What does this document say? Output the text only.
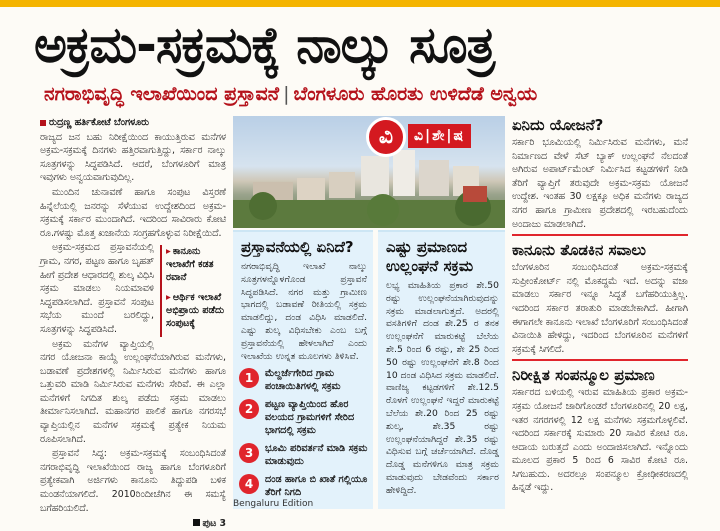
ಅಕ್ರಮ-ಸಕ್ರಮಕ್ಕೆ ನಾಲ್ಕು ಸೂತ್ರ
ನಗರಾಭಿವೃದ್ಧಿ ಇಲಾಖೆಯಿಂದ ಪ್ರಸ್ತಾವನೆ | ಬೆಂಗಳೂರು ಹೊರತು ಉಳಿದೆಡೆ ಅನ್ವಯ

ರುದ್ರಣ್ಣ ಹರ್ತಿಕೋಟೆ ಬೆಂಗಳೂರು

ರಾಜ್ಯದ ಜನ ಬಹು ನಿರೀಕ್ಷೆಯಿಂದ ಕಾಯುತ್ತಿರುವ ಮನೆಗಳ ಅಕ್ರಮ-ಸಕ್ರಮಕ್ಕೆ ದಿನಗಳು ಹತ್ತಿರವಾಗುತ್ತಿದ್ದು, ಸರ್ಕಾರ ನಾಲ್ಕು ಸೂತ್ರಗಳನ್ನು ಸಿದ್ಧಪಡಿಸಿದೆ. ಆದರೆ, ಬೆಂಗಳೂರಿಗೆ ಮಾತ್ರ ಇವುಗಳು ಅನ್ವಯವಾಗುವುದಿಲ್ಲ.

ಮುಂದಿನ ಚುನಾವಣೆ ಹಾಗೂ ಸಂಪುಟ ವಿಸ್ತರಣೆ ಹಿನ್ನೆಲೆಯಲ್ಲಿ ಜನರನ್ನು ಸೆಳೆಯುವ ಉದ್ದೇಶದಿಂದ ಅಕ್ರಮ-ಸಕ್ರಮಕ್ಕೆ ಸರ್ಕಾರ ಮುಂದಾಗಿದೆ. ಇದರಿಂದ ಸಾವಿರಾರು ಕೋಟಿ ರೂ.ಗಳಷ್ಟು ಮೊತ್ತ ಖಜಾನೆಯ ಸಂಗ್ರಹಗೊಳ್ಳುವ ನಿರೀಕ್ಷೆಯಿದೆ.

▸ ಕಾನೂನು ಇಲಾಖೆಗೆ ಕಡತ ರವಾನೆ
▸ ಆರ್ಥಿಕ ಇಲಾಖೆ ಅಭಿಪ್ರಾಯ ಪಡೆದು ಸಂಪುಟಕ್ಕೆ

ಅಕ್ರಮ-ಸಕ್ರಮದ ಪ್ರಸ್ತಾವನೆಯಲ್ಲಿ ಗ್ರಾಮ, ನಗರ, ಪಟ್ಟಣ ಹಾಗೂ ಬೃಹತ್ ಹೀಗೆ ಪ್ರದೇಶ ಆಧಾರದಲ್ಲಿ ಶುಲ್ಕ ವಿಧಿಸಿ ಸಕ್ರಮ ಮಾಡಲು ನಿಯಮಾವಳಿ ಸಿದ್ಧಪಡಿಸಲಾಗಿದೆ. ಪ್ರಸ್ತಾವನೆ ಸಂಪುಟ ಸಭೆಯ ಮುಂದೆ ಬರಲಿದ್ದು, ಸೂತ್ರಗಳನ್ನು ಸಿದ್ಧಪಡಿಸಿದೆ.

ಅಕ್ರಮ ಮನೆಗಳ ವ್ಯಾಪ್ತಿಯಲ್ಲಿ ನಗರ ಯೋಜನಾ ಕಾಯ್ದೆ ಉಲ್ಲಂಘನೆಯಾಗಿರುವ ಮನೆಗಳು, ಬಡಾವಣೆ ಪ್ರದೇಶಗಳಲ್ಲಿ ನಿರ್ಮಿಸಿರುವ ಮನೆಗಳು ಹಾಗೂ ಒತ್ತುವರಿ ಮಾಡಿ ನಿರ್ಮಿಸಿರುವ ಮನೆಗಳು ಸೇರಿವೆ. ಈ ಎಲ್ಲಾ ಮನೆಗಳಿಗೆ ನಿಗದಿತ ಶುಲ್ಕ ಪಡೆದು ಸಕ್ರಮ ಮಾಡಲು ತೀರ್ಮಾನಿಸಲಾಗಿದೆ. ಮಹಾನಗರ ಪಾಲಿಕೆ ಹಾಗೂ ನಗರಸಭೆ ವ್ಯಾಪ್ತಿಯಲ್ಲಿನ ಮನೆಗಳ ಸಕ್ರಮಕ್ಕೆ ಪ್ರತ್ಯೇಕ ನಿಯಮ ರೂಪಿಸಲಾಗಿದೆ.

ಪ್ರಸ್ತಾವನೆ ಸಿದ್ಧ: ಅಕ್ರಮ-ಸಕ್ರಮಕ್ಕೆ ಸಂಬಂಧಿಸಿದಂತೆ ನಗರಾಭಿವೃದ್ಧಿ ಇಲಾಖೆಯಿಂದ ರಾಜ್ಯ ಹಾಗೂ ಬೆಂಗಳೂರಿಗೆ ಪ್ರತ್ಯೇಕವಾಗಿ ಅರ್ಜಿಗಳು ಕಾನೂನು ತಿದ್ದುಪಡಿ ಬಳಿಕ ಮಂಡನೆಯಾಗಲಿದೆ. 2010ರಿಂದೀಚೆಗಿನ ಈ ಸಮಸ್ಯೆ ಬಗೆಹರಿಯಲಿದೆ.

ಪುಟ 3
ವಿ	ವಿ|ಶೇ|ಷ
ಪ್ರಸ್ತಾವನೆಯಲ್ಲಿ ಏನಿದೆ?
ನಗರಾಭಿವೃದ್ಧಿ ಇಲಾಖೆ ನಾಲ್ಕು ಸೂತ್ರಗಳನ್ನೊಳಗೊಂಡ ಪ್ರಸ್ತಾವನೆ ಸಿದ್ಧಪಡಿಸಿದೆ. ನಗರ ಮತ್ತು ಗ್ರಾಮೀಣ ಭಾಗದಲ್ಲಿ ಬಡಾವಣೆ ರೀತಿಯಲ್ಲಿ ಸಕ್ರಮ ಮಾಡಲಿದ್ದು, ದಂಡ ವಿಧಿಸಿ ಮಾಡಲಿದೆ. ಎಷ್ಟು ಶುಲ್ಕ ವಿಧಿಸಬೇಕು ಎಂಬ ಬಗ್ಗೆ ಪ್ರಸ್ತಾವನೆಯಲ್ಲಿ ಹೇಳಲಾಗಿದೆ ಎಂದು ಇಲಾಖೆಯ ಉನ್ನತ ಮೂಲಗಳು ತಿಳಿಸಿವೆ.
1	ಮೆಲ್ದರ್ಜೆಗೇರಿದ ಗ್ರಾಮ ಪಂಚಾಯಿತಿಗಳಲ್ಲಿ ಸಕ್ರಮ
2	ಪಟ್ಟಣ ವ್ಯಾಪ್ತಿಯಿಂದ ಹೊರ ವಲಯದ ಗ್ರಾಮಗಳಿಗೆ ಸೇರಿದ ಭಾಗದಲ್ಲಿ ಸಕ್ರಮ
3	ಭೂಮಿ ಪರಿವರ್ತನೆ ಮಾಡಿ ಸಕ್ರಮ ಮಾಡುವುದು
4	ದಂಡ ಹಾಗೂ ಬಿ ಖಾತೆ ಗಲ್ಲಿಯೂ ತೆರಿಗೆ ನಿಗದಿ
ಎಷ್ಟು ಪ್ರಮಾಣದ ಉಲ್ಲಂಘನೆ ಸಕ್ರಮ
ಲಭ್ಯ ಮಾಹಿತಿಯ ಪ್ರಕಾರ ಶೇ.50 ರಷ್ಟು ಉಲ್ಲಂಘನೆಯಾಗಿರುವುದನ್ನು ಸಕ್ರಮ ಮಾಡಲಾಗುತ್ತದೆ. ಅದರಲ್ಲಿ ವಸತಿಗಳಿಗೆ ದಂಡ ಶೇ.25 ರ ತನಕ ಉಲ್ಲಂಘನೆಗೆ ಮಾರುಕಟ್ಟೆ ಬೆಲೆಯ ಶೇ.5 ರಿಂದ 6 ರಷ್ಟು, ಶೇ 25 ರಿಂದ 50 ರಷ್ಟು ಉಲ್ಲಂಘನೆಗೆ ಶೇ.8 ರಿಂದ 10 ದಂಡ ವಿಧಿಸಿದ ಸಕ್ರಮ ಮಾಡಲಿದೆ. ವಾಣಿಜ್ಯ ಕಟ್ಟಡಗಳಿಗೆ ಶೇ.12.5 ರೊಳಗೆ ಉಲ್ಲಂಘನೆ ಇದ್ದರೆ ಮಾರುಕಟ್ಟೆ ಬೆಲೆಯ ಶೇ.20 ರಿಂದ 25 ರಷ್ಟು ಶುಲ್ಕ, ಶೇ.35 ರಷ್ಟು ಉಲ್ಲಂಘನೆಯಾಗಿದ್ದರೆ ಶೇ.35 ರಷ್ಟು ವಿಧಿಸುವ ಬಗ್ಗೆ ಚರ್ಚೆಯಾಗಿದೆ. ದೊಡ್ಡ ದೊಡ್ಡ ಮನೆಗಳಿಗೂ ಮಾತ್ರ ಸಕ್ರಮ ಮಾಡುವುದು ಬೇಡವೆಂದು ಸರ್ಕಾರ ಹೇಳಿದ್ದಿದೆ.
ಏನಿದು ಯೋಜನೆ?

ಸರ್ಕಾರಿ ಭೂಮಿಯಲ್ಲಿ ನಿರ್ಮಿಸಿರುವ ಮನೆಗಳು, ಮನೆ ನಿರ್ಮಾಣದ ವೇಳೆ ಸೆಟ್ ಬ್ಯಾಕ್ ಉಲ್ಲಂಘನೆ ನೆಲದಂತೆ ಅಗಿರುವ ಅಪಾರ್ಟ್‌ಮೆಂಟ್ ನಿರ್ಮಿಸಿದ ಕಟ್ಟಡಗಳಿಗೆ ನೀಡಿ ತೆರಿಗೆ ವ್ಯಾಪ್ತಿಗೆ ತರುವುದೇ ಅಕ್ರಮ-ಸಕ್ರಮ ಯೋಜನೆ ಉದ್ದೇಶ. ಇಂತಹ 30 ಲಕ್ಷಕ್ಕೂ ಅಧಿಕ ಮನೆಗಳು ರಾಜ್ಯದ ನಗರ ಹಾಗೂ ಗ್ರಾಮೀಣ ಪ್ರದೇಶದಲ್ಲಿ ಇರಬಹುದೆಂದು ಅಂದಾಜು ಮಾಡಲಾಗಿದೆ.

ಕಾನೂನು ತೊಡಕಿನ ಸವಾಲು

ಬೆಂಗಳೂರಿನ ಸಂಬಂಧಿಸಿದಂತೆ ಅಕ್ರಮ-ಸಕ್ರಮಕ್ಕೆ ಸುಪ್ರೀಂಕೋರ್ಟ್ ನಲ್ಲಿ ಮೊಕದ್ದಮೆ ಇದೆ. ಅದನ್ನು ವಜಾ ಮಾಡಲು ಸರ್ಕಾರ ಇನ್ನೂ ಸಿದ್ಧತೆ ಬಗೆಹರಿಯುತ್ತಿಲ್ಲ. ಇದರಿಂದ ಸರ್ಕಾರ ತರಾತುರಿ ಮಾಡಬೇಕಾಗಿದೆ. ಹೀಗಾಗಿ ಈಗಾಗಲೇ ಕಾನೂನು ಇಲಾಖೆ ಬೆಂಗಳೂರಿಗೆ ಸಂಬಂಧಿಸಿದಂತೆ ವಿನಾಯಿತಿ ಹೇಳಿದ್ದು, ಇದರಿಂದ ಬೆಂಗಳೂರಿನ ಮನೆಗಳಿಗೆ ಸಕ್ರಮಕ್ಕೆ ಸಿಗಲಿದೆ.

ನಿರೀಕ್ಷಿತ ಸಂಪನ್ಮೂಲ ಪ್ರಮಾಣ

ಸರ್ಕಾರದ ಬಳಿಯಲ್ಲಿ ಇರುವ ಮಾಹಿತಿಯ ಪ್ರಕಾರ ಅಕ್ರಮ-ಸಕ್ರಮ ಯೋಜನೆ ಜಾರಿಗೊಂಡರೆ ಬೆಂಗಳೂರಿನಲ್ಲಿ 20 ಲಕ್ಷ, ಇತರ ನಗರಗಳಲ್ಲಿ 12 ಲಕ್ಷ ಮನೆಗಳು ಸಕ್ರಮಗೊಳ್ಳಲಿವೆ. ಇದರಿಂದ ಸರ್ಕಾರಕ್ಕೆ ಸುಮಾರು 20 ಸಾವಿರ ಕೋಟಿ ರೂ. ಆದಾಯ ಬರುತ್ತದೆ ಎಂದು ಅಂದಾಜಿಸಲಾಗಿದೆ. ಇನ್ನೊಂದು ಮೂಲದ ಪ್ರಕಾರ 5 ರಿಂದ 6 ಸಾವಿರ ಕೋಟಿ ರೂ. ಸಿಗಬಹುದು. ಅದರಲ್ಲೂ ಸಂಪನ್ಮೂಲ ಕ್ರೋಢೀಕರಣದಲ್ಲಿ ಹಿನ್ನಡೆ ಇದ್ದು.

Bengaluru Edition
